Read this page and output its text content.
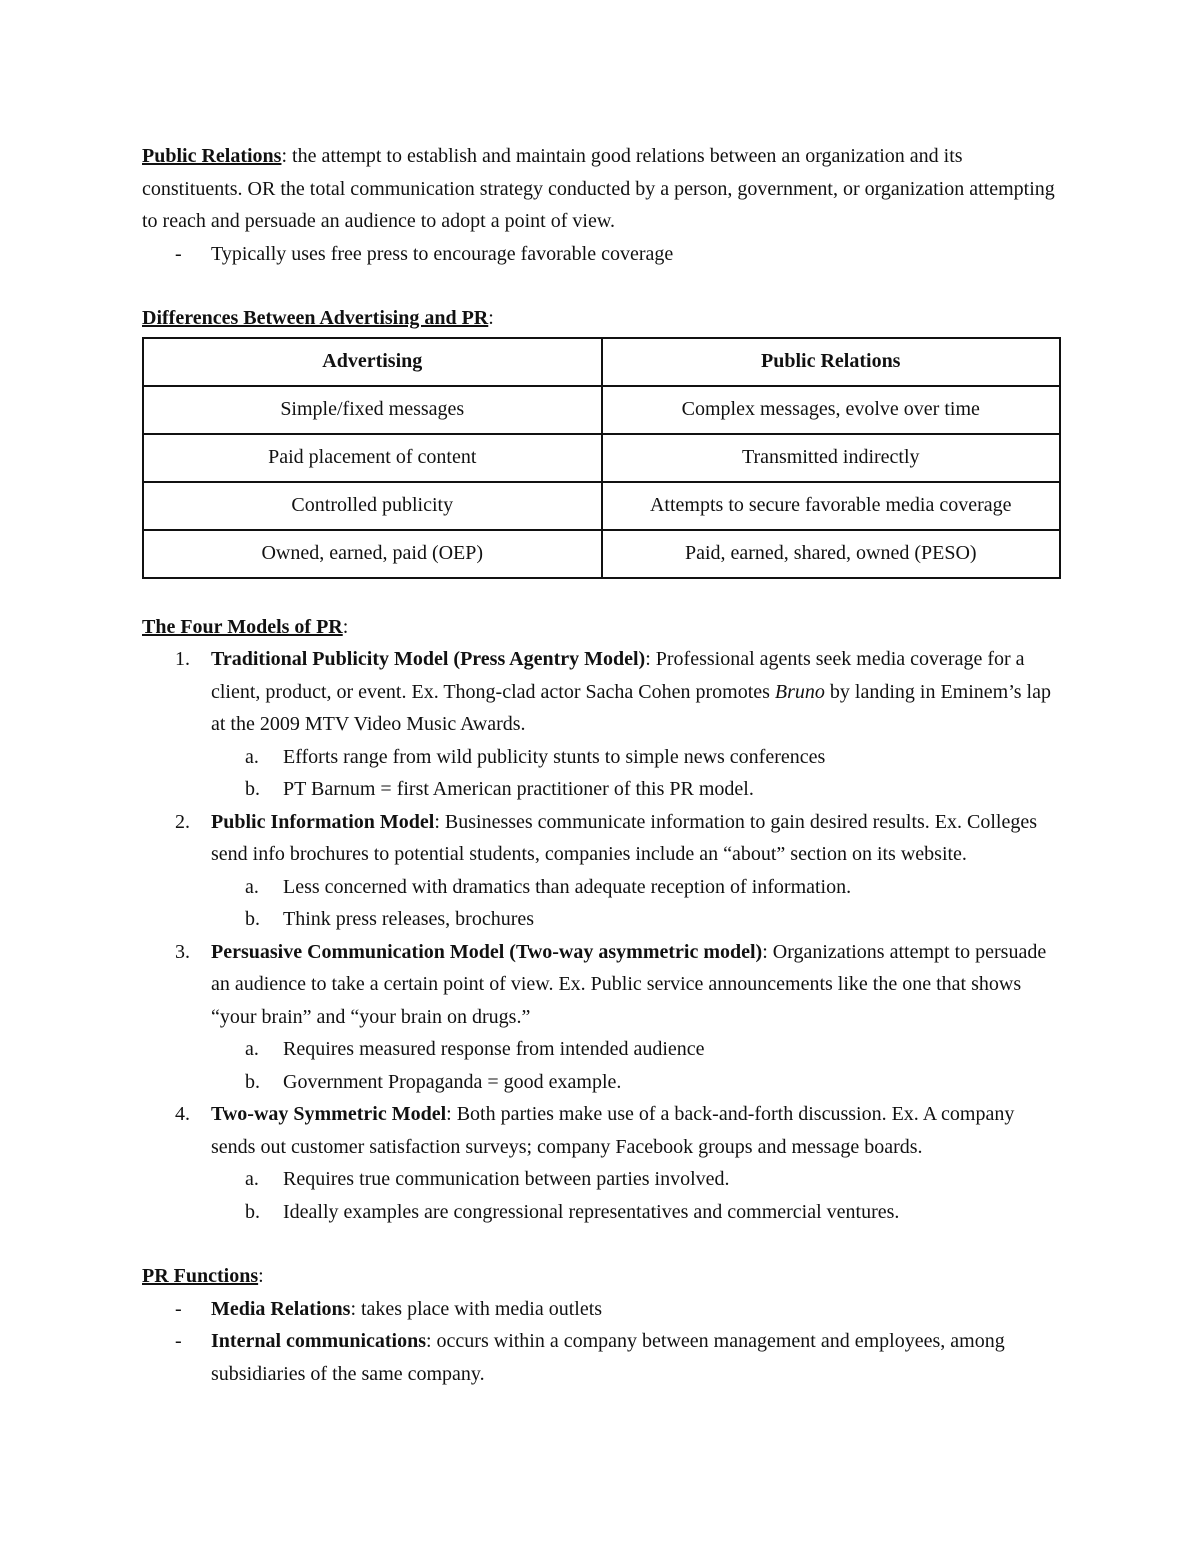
Public Relations: the attempt to establish and maintain good relations between an organization and its constituents. OR the total communication strategy conducted by a person, government, or organization attempting to reach and persuade an audience to adopt a point of view.

- Typically uses free press to encourage favorable coverage

Differences Between Advertising and PR:

Advertising	Public Relations
Simple/fixed messages	Complex messages, evolve over time
Paid placement of content	Transmitted indirectly
Controlled publicity	Attempts to secure favorable media coverage
Owned, earned, paid (OEP)	Paid, earned, shared, owned (PESO)

The Four Models of PR:

1. Traditional Publicity Model (Press Agentry Model): Professional agents seek media coverage for a client, product, or event. Ex. Thong-clad actor Sacha Cohen promotes Bruno by landing in Eminem’s lap at the 2009 MTV Video Music Awards.
a. Efforts range from wild publicity stunts to simple news conferences
b. PT Barnum = first American practitioner of this PR model.
2. Public Information Model: Businesses communicate information to gain desired results. Ex. Colleges send info brochures to potential students, companies include an “about” section on its website.
a. Less concerned with dramatics than adequate reception of information.
b. Think press releases, brochures
3. Persuasive Communication Model (Two-way asymmetric model): Organizations attempt to persuade an audience to take a certain point of view. Ex. Public service announcements like the one that shows “your brain” and “your brain on drugs.”
a. Requires measured response from intended audience
b. Government Propaganda = good example.
4. Two-way Symmetric Model: Both parties make use of a back-and-forth discussion. Ex. A company sends out customer satisfaction surveys; company Facebook groups and message boards.
a. Requires true communication between parties involved.
b. Ideally examples are congressional representatives and commercial ventures.

PR Functions:

- Media Relations: takes place with media outlets
- Internal communications: occurs within a company between management and employees, among subsidiaries of the same company.
